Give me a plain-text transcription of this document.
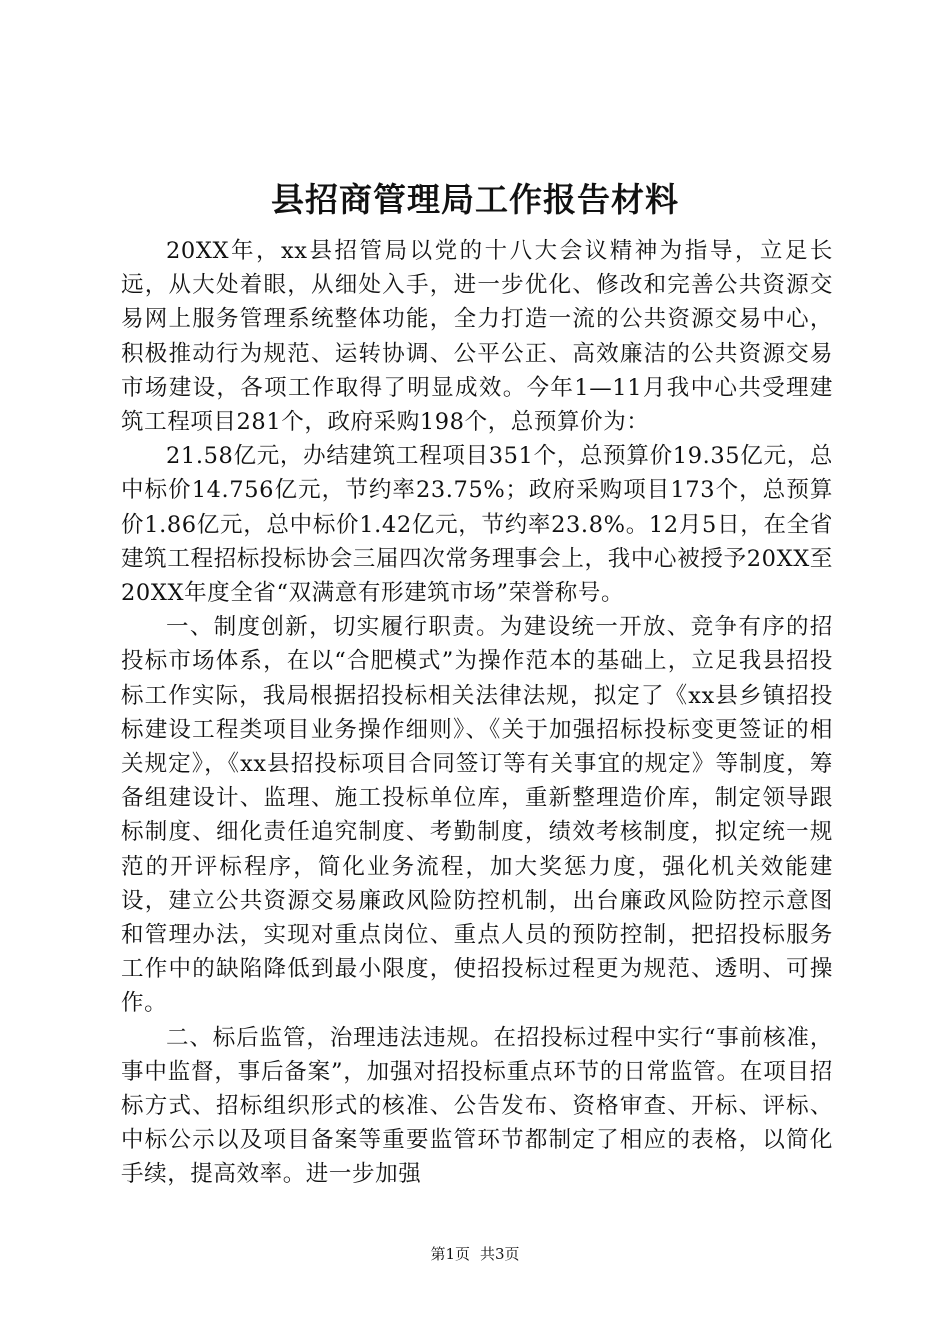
县招商管理局工作报告材料

20XX年，xx县招管局以党的十八大会议精神为指导，立足长远，从大处着眼，从细处入手，进一步优化、修改和完善公共资源交易网上服务管理系统整体功能，全力打造一流的公共资源交易中心，积极推动行为规范、运转协调、公平公正、高效廉洁的公共资源交易市场建设，各项工作取得了明显成效。今年1—11月我中心共受理建筑工程项目281个，政府采购198个，总预算价为：

21.58亿元，办结建筑工程项目351个，总预算价19.35亿元，总中标价14.756亿元，节约率23.75%；政府采购项目173个，总预算价1.86亿元，总中标价1.42亿元，节约率23.8%。12月5日，在全省建筑工程招标投标协会三届四次常务理事会上，我中心被授予20XX至20XX年度全省“双满意有形建筑市场”荣誉称号。

一、制度创新，切实履行职责。为建设统一开放、竞争有序的招投标市场体系，在以“合肥模式”为操作范本的基础上，立足我县招投标工作实际，我局根据招投标相关法律法规，拟定了《xx县乡镇招投标建设工程类项目业务操作细则》、《关于加强招标投标变更签证的相关规定》，《xx县招投标项目合同签订等有关事宜的规定》等制度，筹备组建设计、监理、施工投标单位库，重新整理造价库，制定领导跟标制度、细化责任追究制度、考勤制度，绩效考核制度，拟定统一规范的开评标程序，简化业务流程，加大奖惩力度，强化机关效能建设，建立公共资源交易廉政风险防控机制，出台廉政风险防控示意图和管理办法，实现对重点岗位、重点人员的预防控制，把招投标服务工作中的缺陷降低到最小限度，使招投标过程更为规范、透明、可操作。

二、标后监管，治理违法违规。在招投标过程中实行“事前核准，事中监督，事后备案”，加强对招投标重点环节的日常监管。在项目招标方式、招标组织形式的核准、公告发布、资格审查、开标、评标、中标公示以及项目备案等重要监管环节都制定了相应的表格，以简化手续，提高效率。进一步加强

第1页 共3页
